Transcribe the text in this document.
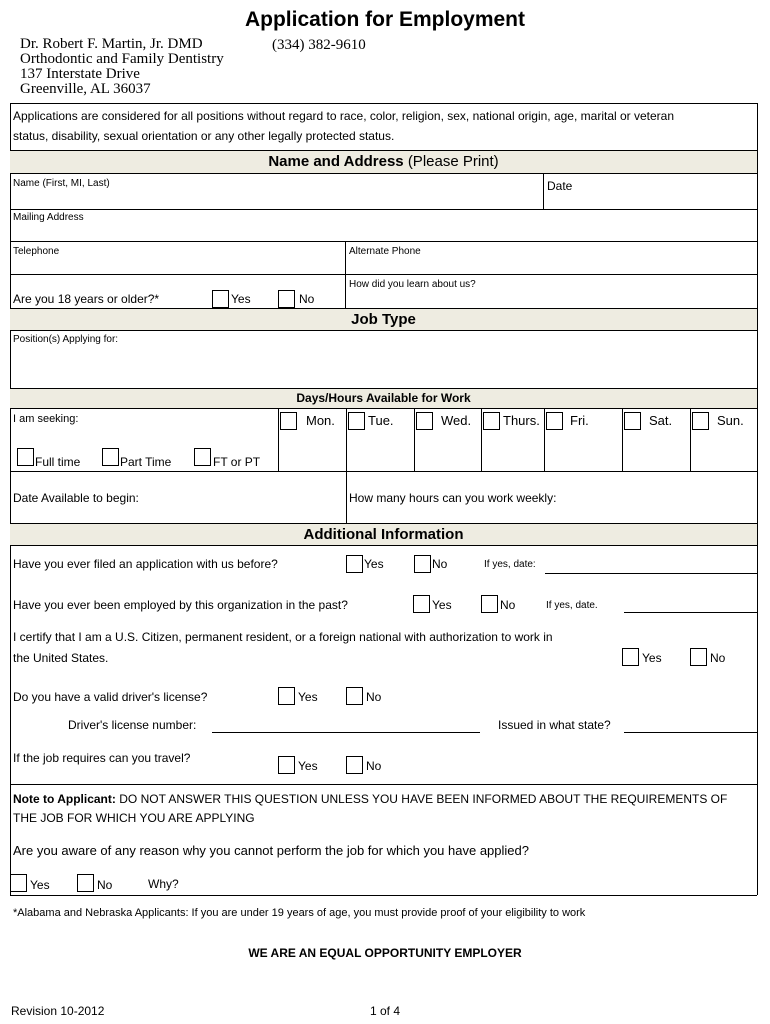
Application for Employment
Dr. Robert F. Martin, Jr. DMD	(334) 382-9610
Orthodontic and Family Dentistry
137 Interstate Drive
Greenville, AL 36037
Applications are considered for all positions without regard to race, color, religion, sex, national origin, age, marital or veteran
status, disability, sexual orientation or any other legally protected status.
Name and Address (Please Print)
Name (First, MI, Last)	Date
Mailing Address
Telephone	Alternate Phone
Are you 18 years or older?*	Yes	No
How did you learn about us?
Job Type
Position(s) Applying for:
Days/Hours Available for Work
I am seeking:	Mon.	Tue.	Wed. Thurs. Fri.	Sat.	Sun.
Full time	Part Time	FT or PT
Date Available to begin:	How many hours can you work weekly:
Additional Information
Have you ever filed an application with us before?	Yes	No	If yes, date:
Have you ever been employed by this organization in the past?	Yes	No	If yes, date.
I certify that I am a U.S. Citizen, permanent resident, or a foreign national with authorization to work in
the United States.	Yes	No
Do you have a valid driver's license?	Yes	No
Driver's license number:	Issued in what state?
If the job requires can you travel?
Yes	No
Note to Applicant: DO NOT ANSWER THIS QUESTION UNLESS YOU HAVE BEEN INFORMED ABOUT THE REQUIREMENTS OF
THE JOB FOR WHICH YOU ARE APPLYING
Are you aware of any reason why you cannot perform the job for which you have applied?
Yes	No	Why?
*Alabama and Nebraska Applicants: If you are under 19 years of age, you must provide proof of your eligibility to work
WE ARE AN EQUAL OPPORTUNITY EMPLOYER
Revision 10-2012	1 of 4
